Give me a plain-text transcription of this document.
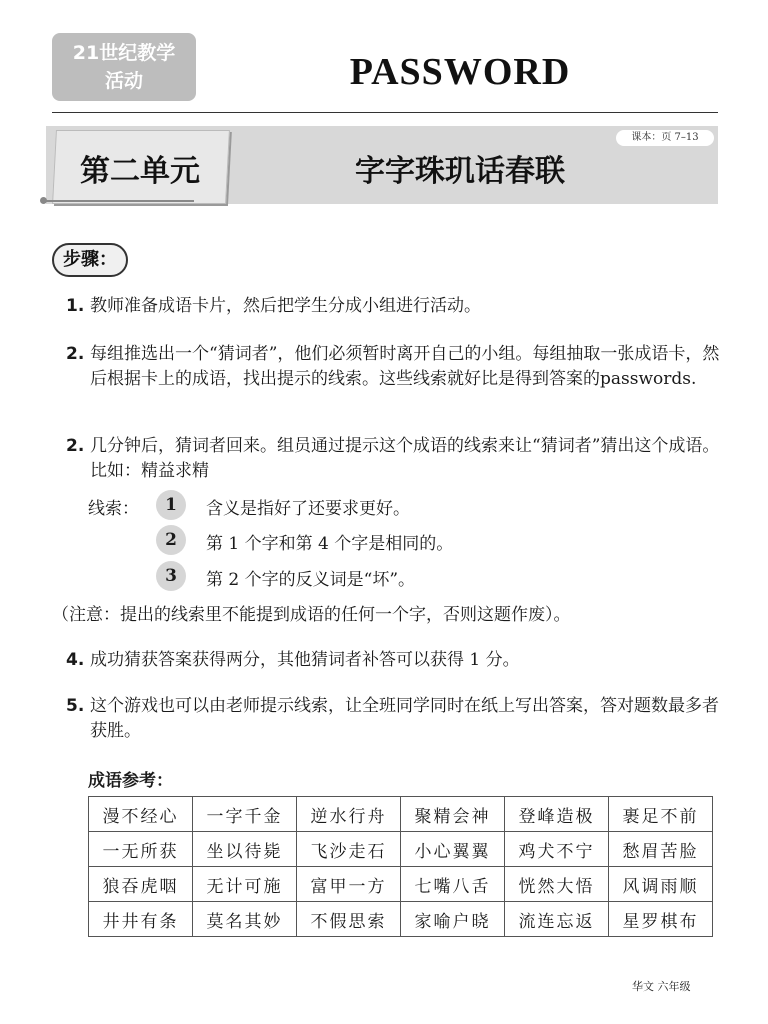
21世纪教学
活动	PASSWORD
第二单元	字字珠玑话春联
课本：页 7–13
步骤：
1. 教师准备成语卡片，然后把学生分成小组进行活动。
2. 每组推选出一个“猜词者”，他们必须暂时离开自己的小组。每组抽取一张成语卡，然后根据卡上的成语，找出提示的线索。这些线索就好比是得到答案的passwords.
2. 几分钟后，猜词者回来。组员通过提示这个成语的线索来让“猜词者”猜出这个成语。比如：精益求精
线索：	1	含义是指好了还要求更好。
2	第 1 个字和第 4 个字是相同的。
3	第 2 个字的反义词是“坏”。
（注意：提出的线索里不能提到成语的任何一个字，否则这题作废）。
4. 成功猜获答案获得两分，其他猜词者补答可以获得 1 分。
5. 这个游戏也可以由老师提示线索，让全班同学同时在纸上写出答案，答对题数最多者获胜。
成语参考：
漫不经心	一字千金	逆水行舟	聚精会神	登峰造极	裹足不前
一无所获	坐以待毙	飞沙走石	小心翼翼	鸡犬不宁	愁眉苦脸
狼吞虎咽	无计可施	富甲一方	七嘴八舌	恍然大悟	风调雨顺
井井有条	莫名其妙	不假思索	家喻户晓	流连忘返	星罗棋布
华文 六年级
